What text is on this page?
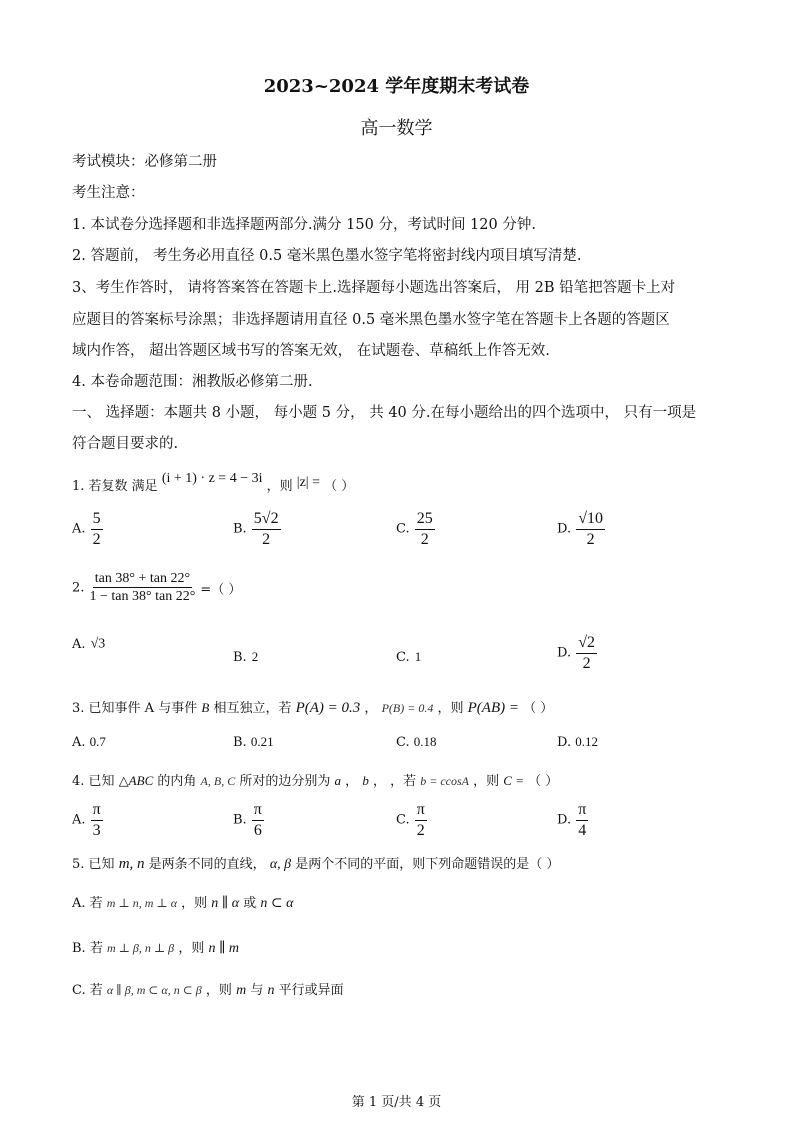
2023~2024 学年度期末考试卷
高一数学
考试模块：必修第二册
考生注意：
1. 本试卷分选择题和非选择题两部分.满分 150 分，考试时间 120 分钟.
2. 答题前， 考生务必用直径 0.5 毫米黑色墨水签字笔将密封线内项目填写清楚.
3、考生作答时， 请将答案答在答题卡上.选择题每小题选出答案后， 用 2B 铅笔把答题卡上对
应题目的答案标号涂黑；非选择题请用直径 0.5 毫米黑色墨水签字笔在答题卡上各题的答题区
域内作答， 超出答题区域书写的答案无效， 在试题卷、草稿纸上作答无效.
4. 本卷命题范围：湘教版必修第二册.
一、 选择题：本题共 8 小题， 每小题 5 分， 共 40 分.在每小题给出的四个选项中， 只有一项是
符合题目要求的.
1. 若复数 满足 (i + 1) · z = 4 − 3i ，则 |z| = （ ）
A. $\frac{5}{2}$	B. $\frac{5√2}{2}$	C. $\frac{25}{2}$	D. $\frac{√10}{2}$
2. $\frac{\tan 38^\circ + \tan 22^\circ}{1 - \tan 38^\circ \tan 22^\circ}$ =（ ）
A. √3
B. 2	C. 1	D. $\frac{√2}{2}$
3. 已知事件 A 与事件 B 相互独立，若 P(A) = 0.3 ， P(B) = 0.4 ，则 P(AB) = （ ）
A. 0.7	B. 0.21	C. 0.18	D. 0.12
4. 已知 △ABC 的内角 A, B, C 所对的边分别为 a ， b ， ，若 b = ccosA ，则 C = （ ）
A. $\frac{\pi}{3}$	B. $\frac{\pi}{6}$	C. $\frac{\pi}{2}$	D. $\frac{\pi}{4}$
5. 已知 m, n 是两条不同的直线， α, β 是两个不同的平面，则下列命题错误的是（ ）
A. 若 m ⊥ n, m ⊥ α ，则 n ∥ α 或 n ⊂ α
B. 若 m ⊥ β, n ⊥ β ，则 n ∥ m
C. 若 α ∥ β, m ⊂ α, n ⊂ β ，则 m 与 n 平行或异面
第 1 页/共 4 页
